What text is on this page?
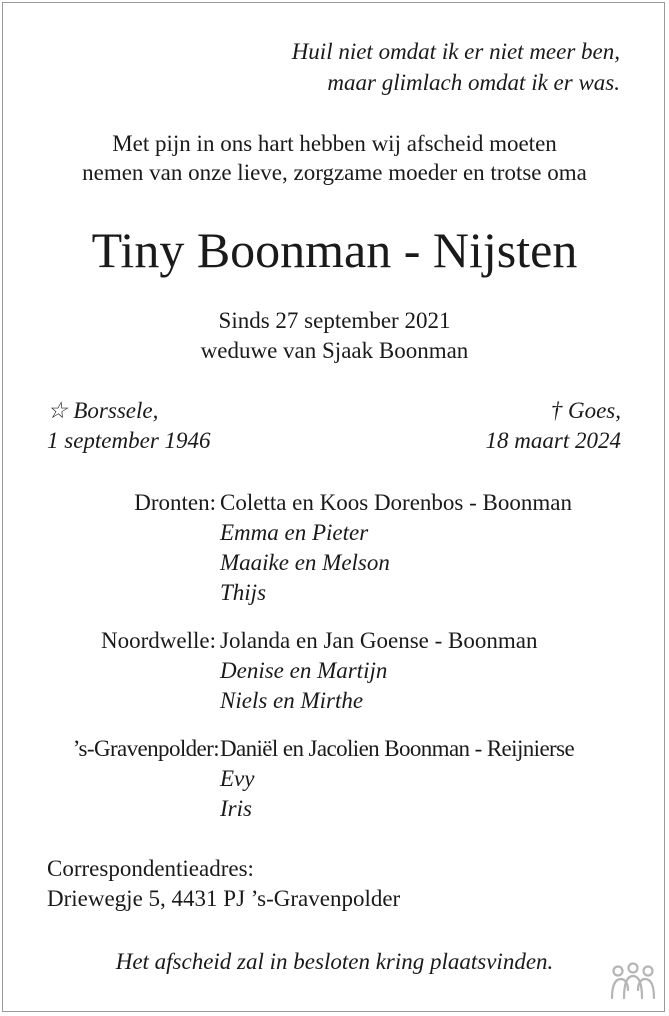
Huil niet omdat ik er niet meer ben,
maar glimlach omdat ik er was.
Met pijn in ons hart hebben wij afscheid moeten
nemen van onze lieve, zorgzame moeder en trotse oma
Tiny Boonman - Nijsten
Sinds 27 september 2021
weduwe van Sjaak Boonman
☆ Borssele,
1 september 1946
† Goes,
18 maart 2024
Dronten: Coletta en Koos Dorenbos - Boonman
Emma en Pieter
Maaike en Melson
Thijs
Noordwelle: Jolanda en Jan Goense - Boonman
Denise en Martijn
Niels en Mirthe
’s-Gravenpolder: Daniël en Jacolien Boonman - Reijnierse
Evy
Iris
Correspondentieadres:
Driewegje 5, 4431 PJ ’s-Gravenpolder
Het afscheid zal in besloten kring plaatsvinden.
